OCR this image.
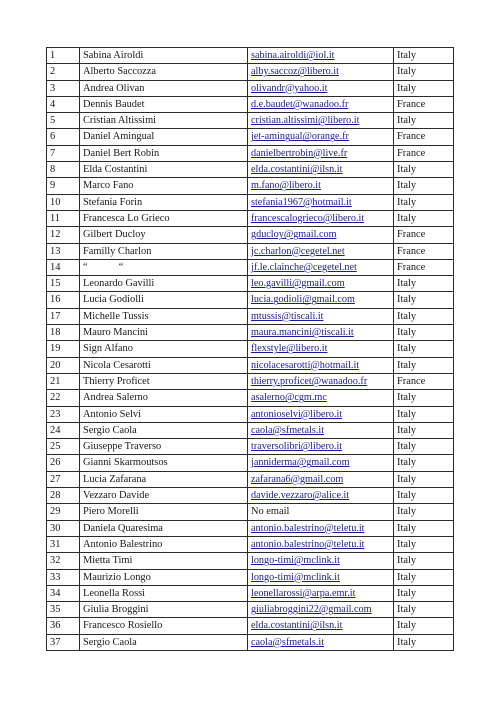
1	Sabina Airoldi	sabina.airoldi@iol.it	Italy
2	Alberto Saccozza	alby.saccoz@libero.it	Italy
3	Andrea Olivan	olivandr@yahoo.it	Italy
4	Dennis Baudet	d.e.baudet@wanadoo.fr	France
5	Cristian Altissimi	cristian.altissimi@libero.it	Italy
6	Daniel Amingual	jet-amingual@orange.fr	France
7	Daniel Bert Robin	danielbertrobin@live.fr	France
8	Elda Costantini	elda.costantini@ilsn.it	Italy
9	Marco Fano	m.fano@libero.it	Italy
10	Stefania Forin	stefania1967@hotmail.it	Italy
11	Francesca Lo Grieco	francescalogrieco@libero.it	Italy
12	Gilbert Ducloy	gducloy@gmail.com	France
13	Familly Charlon	jc.charlon@cegetel.net	France
14	“            “	jf.le.clainche@cegetel.net	France
15	Leonardo Gavilli	leo.gavilli@gmail.com	Italy
16	Lucia Godiolli	lucia.godioli@gmail.com	Italy
17	Michelle Tussis	mtussis@tiscali.it	Italy
18	Mauro Mancini	maura.mancini@tiscali.it	Italy
19	Sign Alfano	flexstyle@libero.it	Italy
20	Nicola Cesarotti	nicolacesarotti@hotmail.it	Italy
21	Thierry Proficet	thierry.proficet@wanadoo.fr	France
22	Andrea Salerno	asalerno@cgm.mc	Italy
23	Antonio Selvi	antonioselvi@libero.it	Italy
24	Sergio Caola	caola@sfmetals.it	Italy
25	Giuseppe Traverso	traversolibri@libero.it	Italy
26	Gianni Skarmoutsos	janniderma@gmail.com	Italy
27	Lucia Zafarana	zafarana6@gmail.com	Italy
28	Vezzaro Davide	davide.vezzaro@alice.it	Italy
29	Piero Morelli	No email	Italy
30	Daniela Quaresima	antonio.balestrino@teletu.it	Italy
31	Antonio Balestrino	antonio.balestrino@teletu.it	Italy
32	Mietta Timi	longo-timi@mclink.it	Italy
33	Maurizio Longo	longo-timi@mclink.it	Italy
34	Leonella Rossi	leonellarossi@arpa.emr.it	Italy
35	Giulia Broggini	giuliabroggini22@gmail.com	Italy
36	Francesco Rosiello	elda.costantini@ilsn.it	Italy
37	Sergio Caola	caola@sfmetals.it	Italy
